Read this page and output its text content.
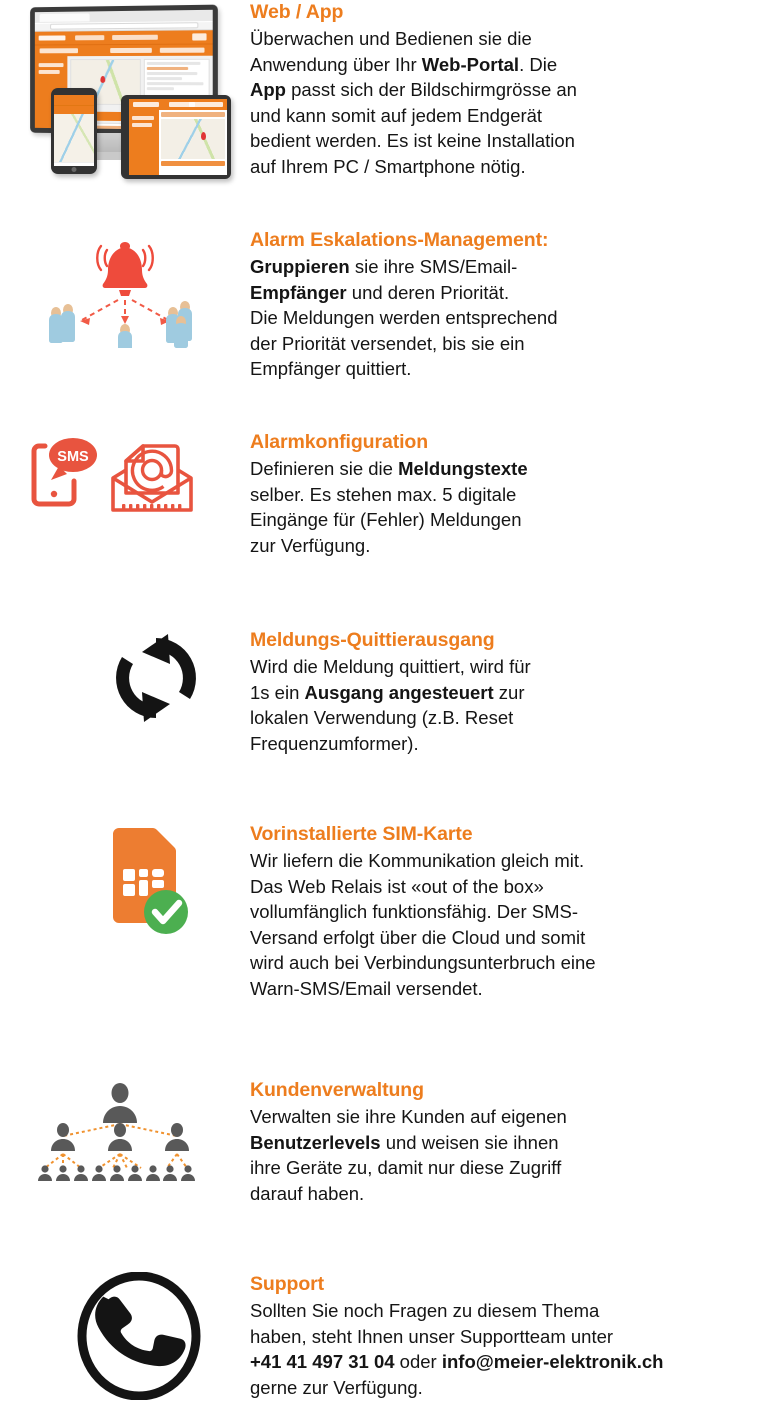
Web / App
Überwachen und Bedienen sie die
Anwendung über Ihr Web-Portal. Die
App passt sich der Bildschirmgrösse an
und kann somit auf jedem Endgerät
bedient werden. Es ist keine Installation
auf Ihrem PC / Smartphone nötig.
Alarm Eskalations-Management:
Gruppieren sie ihre SMS/Email-
Empfänger und deren Priorität.
Die Meldungen werden entsprechend
der Priorität versendet, bis sie ein
Empfänger quittiert.
SMS
Alarmkonfiguration
Definieren sie die Meldungstexte
selber. Es stehen max. 5 digitale
Eingänge für (Fehler) Meldungen
zur Verfügung.
Meldungs-Quittierausgang
Wird die Meldung quittiert, wird für
1s ein Ausgang angesteuert zur
lokalen Verwendung (z.B. Reset
Frequenzumformer).
Vorinstallierte SIM-Karte
Wir liefern die Kommunikation gleich mit.
Das Web Relais ist «out of the box»
vollumfänglich funktionsfähig. Der SMS-
Versand erfolgt über die Cloud und somit
wird auch bei Verbindungsunterbruch eine
Warn-SMS/Email versendet.
Kundenverwaltung
Verwalten sie ihre Kunden auf eigenen
Benutzerlevels und weisen sie ihnen
ihre Geräte zu, damit nur diese Zugriff
darauf haben.
Support
Sollten Sie noch Fragen zu diesem Thema
haben, steht Ihnen unser Supportteam unter
+41 41 497 31 04 oder info@meier-elektronik.ch
gerne zur Verfügung.
